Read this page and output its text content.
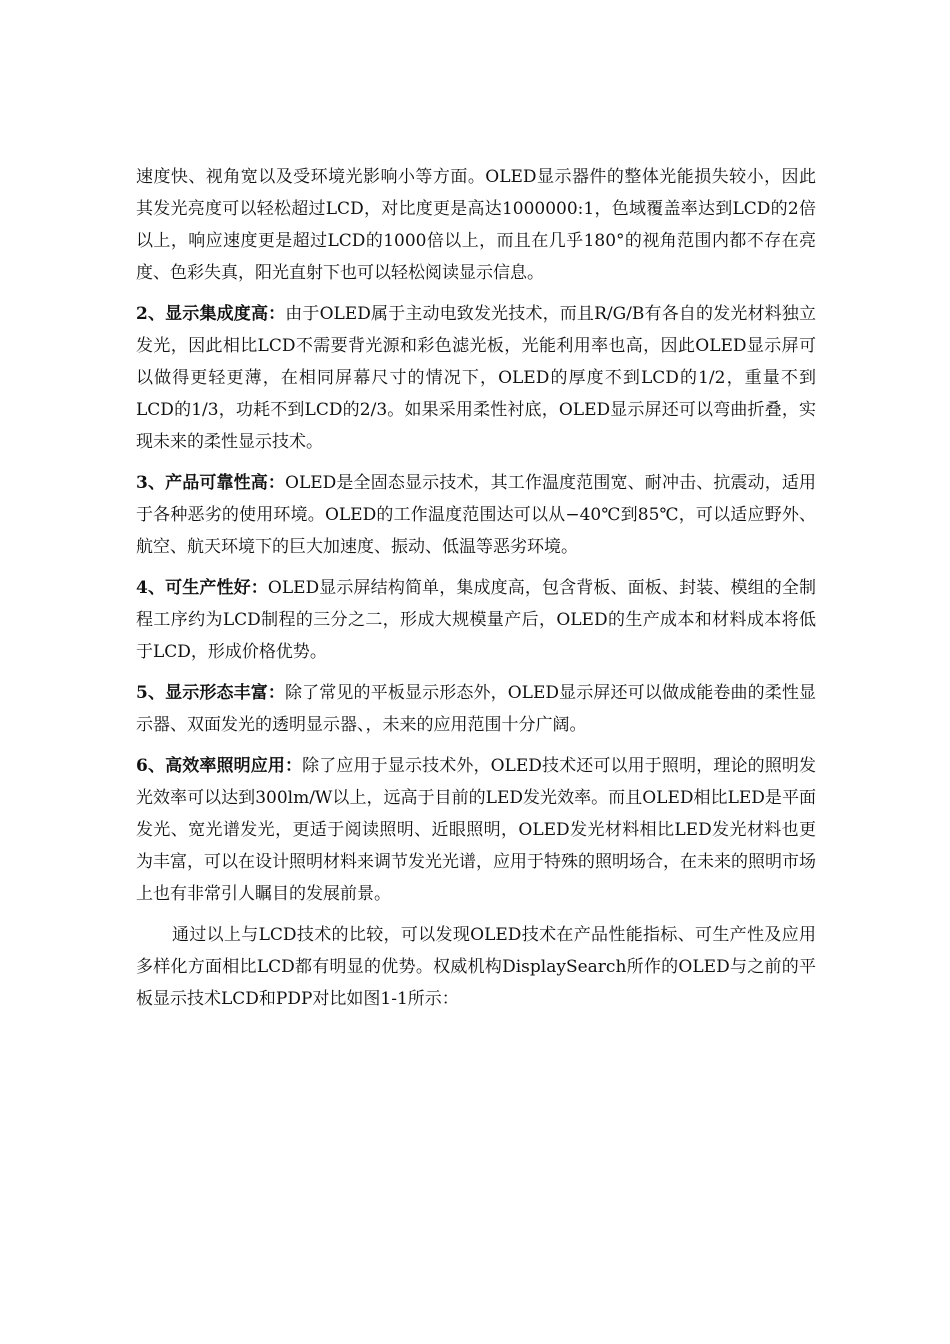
速度快、视角宽以及受环境光影响小等方面。OLED显示器件的整体光能损失较小，因此其发光亮度可以轻松超过LCD，对比度更是高达1000000:1，色域覆盖率达到LCD的2倍以上，响应速度更是超过LCD的1000倍以上，而且在几乎180°的视角范围内都不存在亮度、色彩失真，阳光直射下也可以轻松阅读显示信息。

2、显示集成度高：由于OLED属于主动电致发光技术，而且R/G/B有各自的发光材料独立发光，因此相比LCD不需要背光源和彩色滤光板，光能利用率也高，因此OLED显示屏可以做得更轻更薄，在相同屏幕尺寸的情况下，OLED的厚度不到LCD的1/2，重量不到LCD的1/3，功耗不到LCD的2/3。如果采用柔性衬底，OLED显示屏还可以弯曲折叠，实现未来的柔性显示技术。

3、产品可靠性高：OLED是全固态显示技术，其工作温度范围宽、耐冲击、抗震动，适用于各种恶劣的使用环境。OLED的工作温度范围达可以从−40℃到85℃，可以适应野外、航空、航天环境下的巨大加速度、振动、低温等恶劣环境。

4、可生产性好：OLED显示屏结构简单，集成度高，包含背板、面板、封装、模组的全制程工序约为LCD制程的三分之二，形成大规模量产后，OLED的生产成本和材料成本将低于LCD，形成价格优势。

5、显示形态丰富：除了常见的平板显示形态外，OLED显示屏还可以做成能卷曲的柔性显示器、双面发光的透明显示器、，未来的应用范围十分广阔。

6、高效率照明应用：除了应用于显示技术外，OLED技术还可以用于照明，理论的照明发光效率可以达到300lm/W以上，远高于目前的LED发光效率。而且OLED相比LED是平面发光、宽光谱发光，更适于阅读照明、近眼照明，OLED发光材料相比LED发光材料也更为丰富，可以在设计照明材料来调节发光光谱，应用于特殊的照明场合，在未来的照明市场上也有非常引人瞩目的发展前景。

通过以上与LCD技术的比较，可以发现OLED技术在产品性能指标、可生产性及应用多样化方面相比LCD都有明显的优势。权威机构DisplaySearch所作的OLED与之前的平板显示技术LCD和PDP对比如图1-1所示：
